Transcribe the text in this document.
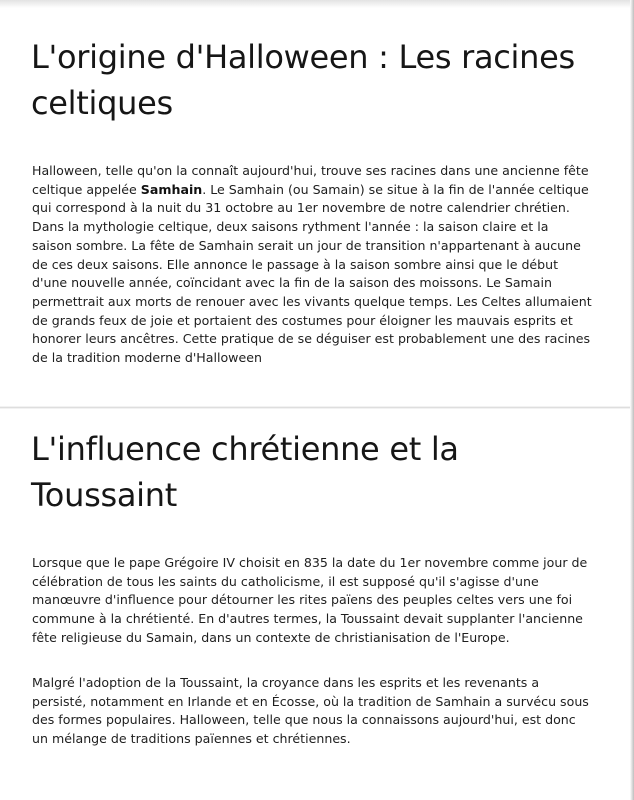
L'origine d'Halloween : Les racines celtiques

Halloween, telle qu'on la connaît aujourd'hui, trouve ses racines dans une ancienne fête celtique appelée Samhain. Le Samhain (ou Samain) se situe à la fin de l'année celtique qui correspond à la nuit du 31 octobre au 1er novembre de notre calendrier chrétien. Dans la mythologie celtique, deux saisons rythment l'année : la saison claire et la saison sombre. La fête de Samhain serait un jour de transition n'appartenant à aucune de ces deux saisons. Elle annonce le passage à la saison sombre ainsi que le début d'une nouvelle année, coïncidant avec la fin de la saison des moissons. Le Samain permettrait aux morts de renouer avec les vivants quelque temps. Les Celtes allumaient de grands feux de joie et portaient des costumes pour éloigner les mauvais esprits et honorer leurs ancêtres. Cette pratique de se déguiser est probablement une des racines de la tradition moderne d'Halloween

L'influence chrétienne et la Toussaint

Lorsque que le pape Grégoire IV choisit en 835 la date du 1er novembre comme jour de célébration de tous les saints du catholicisme, il est supposé qu'il s'agisse d'une manœuvre d'influence pour détourner les rites païens des peuples celtes vers une foi commune à la chrétienté. En d'autres termes, la Toussaint devait supplanter l'ancienne fête religieuse du Samain, dans un contexte de christianisation de l'Europe.

Malgré l'adoption de la Toussaint, la croyance dans les esprits et les revenants a persisté, notamment en Irlande et en Écosse, où la tradition de Samhain a survécu sous des formes populaires. Halloween, telle que nous la connaissons aujourd'hui, est donc un mélange de traditions païennes et chrétiennes.
